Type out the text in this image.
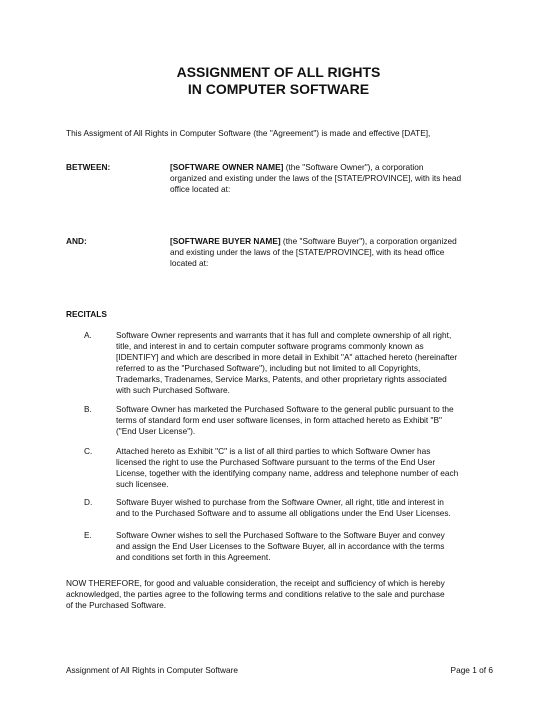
ASSIGNMENT OF ALL RIGHTS
IN COMPUTER SOFTWARE
This Assigment of All Rights in Computer Software (the "Agreement") is made and effective [DATE],
BETWEEN:	[SOFTWARE OWNER NAME] (the "Software Owner"), a corporation
organized and existing under the laws of the [STATE/PROVINCE], with its head
office located at:
AND:	[SOFTWARE BUYER NAME] (the "Software Buyer"), a corporation organized
and existing under the laws of the [STATE/PROVINCE], with its head office
located at:
RECITALS
A.	Software Owner represents and warrants that it has full and complete ownership of all right,
title, and interest in and to certain computer software programs commonly known as
[IDENTIFY] and which are described in more detail in Exhibit "A" attached hereto (hereinafter
referred to as the "Purchased Software"), including but not limited to all Copyrights,
Trademarks, Tradenames, Service Marks, Patents, and other proprietary rights associated
with such Purchased Software.
B.	Software Owner has marketed the Purchased Software to the general public pursuant to the
terms of standard form end user software licenses, in form attached hereto as Exhibit "B"
("End User License").
C.	Attached hereto as Exhibit "C" is a list of all third parties to which Software Owner has
licensed the right to use the Purchased Software pursuant to the terms of the End User
License, together with the identifying company name, address and telephone number of each
such licensee.
D.	Software Buyer wished to purchase from the Software Owner, all right, title and interest in
and to the Purchased Software and to assume all obligations under the End User Licenses.
E.	Software Owner wishes to sell the Purchased Software to the Software Buyer and convey
and assign the End User Licenses to the Software Buyer, all in accordance with the terms
and conditions set forth in this Agreement.
NOW THEREFORE, for good and valuable consideration, the receipt and sufficiency of which is hereby
acknowledged, the parties agree to the following terms and conditions relative to the sale and purchase
of the Purchased Software.
Assignment of All Rights in Computer Software	Page 1 of 6
